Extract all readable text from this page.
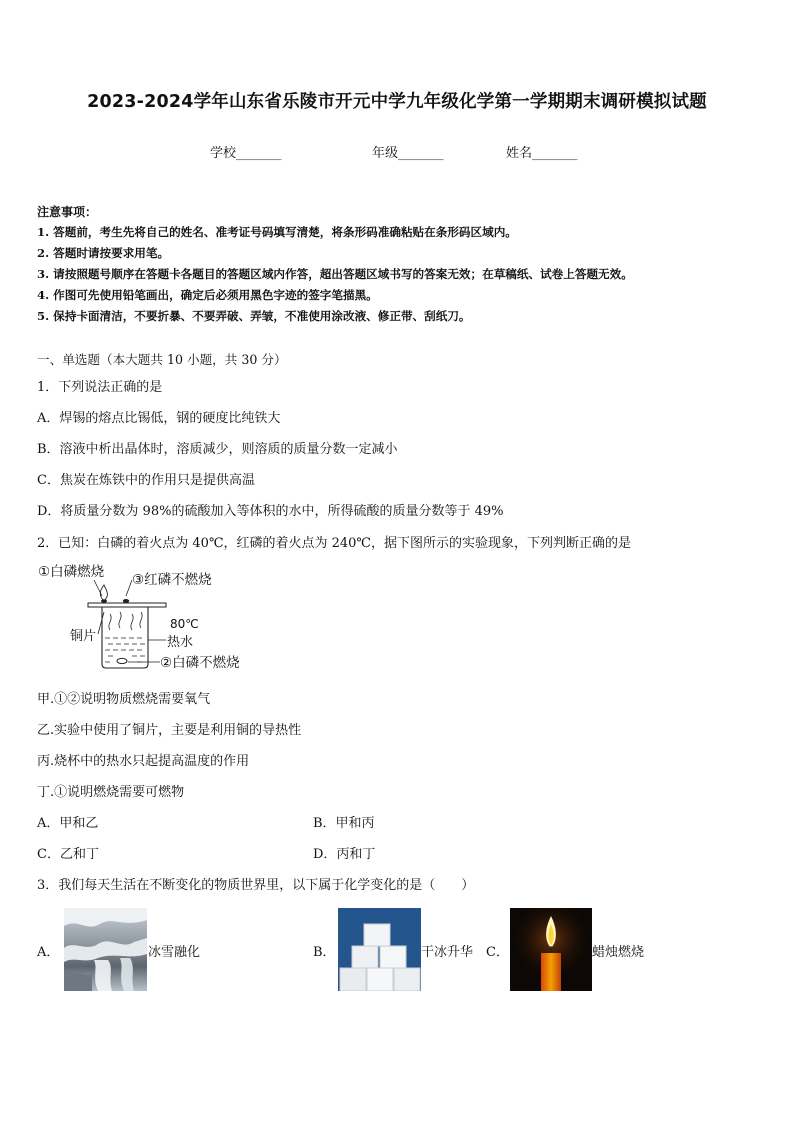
2023-2024学年山东省乐陵市开元中学九年级化学第一学期期末调研模拟试题
学校_______	年级_______	姓名_______
注意事项：
1. 答题前，考生先将自己的姓名、准考证号码填写清楚，将条形码准确粘贴在条形码区域内。
2. 答题时请按要求用笔。
3. 请按照题号顺序在答题卡各题目的答题区域内作答，超出答题区域书写的答案无效；在草稿纸、试卷上答题无效。
4. 作图可先使用铅笔画出，确定后必须用黑色字迹的签字笔描黑。
5. 保持卡面清洁，不要折暴、不要弄破、弄皱，不准使用涂改液、修正带、刮纸刀。
一、单选题（本大题共 10 小题，共 30 分）
1．下列说法正确的是
A．焊锡的熔点比锡低，钢的硬度比纯铁大
B．溶液中析出晶体时，溶质减少，则溶质的质量分数一定减小
C．焦炭在炼铁中的作用只是提供高温
D．将质量分数为 98%的硫酸加入等体积的水中，所得硫酸的质量分数等于 49%
2．已知：白磷的着火点为 40℃，红磷的着火点为 240℃，据下图所示的实验现象，下列判断正确的是
①白磷燃烧 ③红磷不燃烧
80℃
热水
铜片
②白磷不燃烧
甲.①②说明物质燃烧需要氧气
乙.实验中使用了铜片，主要是利用铜的导热性
丙.烧杯中的热水只起提高温度的作用
丁.①说明燃烧需要可燃物
A．甲和乙	B．甲和丙
C．乙和丁	D．丙和丁
3．我们每天生活在不断变化的物质世界里，以下属于化学变化的是（　　）
A．	冰雪融化	B．	干冰升华 C．	蜡烛燃烧
